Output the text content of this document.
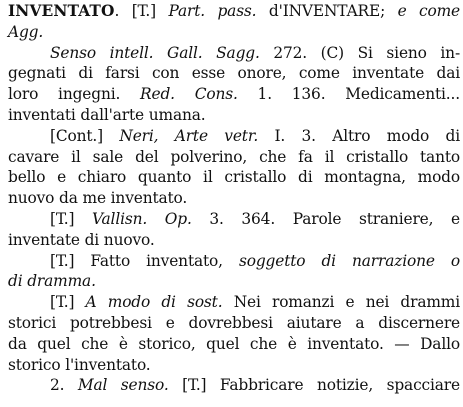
INVENTATO. [T.] Part. pass. d'INVENTARE; e come
Agg.
Senso intell. Gall. Sagg. 272. (C) Si sieno in-
gegnati di farsi con esse onore, come inventate dai
loro ingegni. Red. Cons. 1. 136. Medicamenti...
inventati dall'arte umana.
[Cont.] Neri, Arte vetr. I. 3. Altro modo di
cavare il sale del polverino, che fa il cristallo tanto
bello e chiaro quanto il cristallo di montagna, modo
nuovo da me inventato.
[T.] Vallisn. Op. 3. 364. Parole straniere, e
inventate di nuovo.
[T.] Fatto inventato, soggetto di narrazione o
di dramma.
[T.] A modo di sost. Nei romanzi e nei drammi
storici potrebbesi e dovrebbesi aiutare a discernere
da quel che è storico, quel che è inventato. — Dallo
storico l'inventato.
2. Mal senso. [T.] Fabbricare notizie, spacciare
